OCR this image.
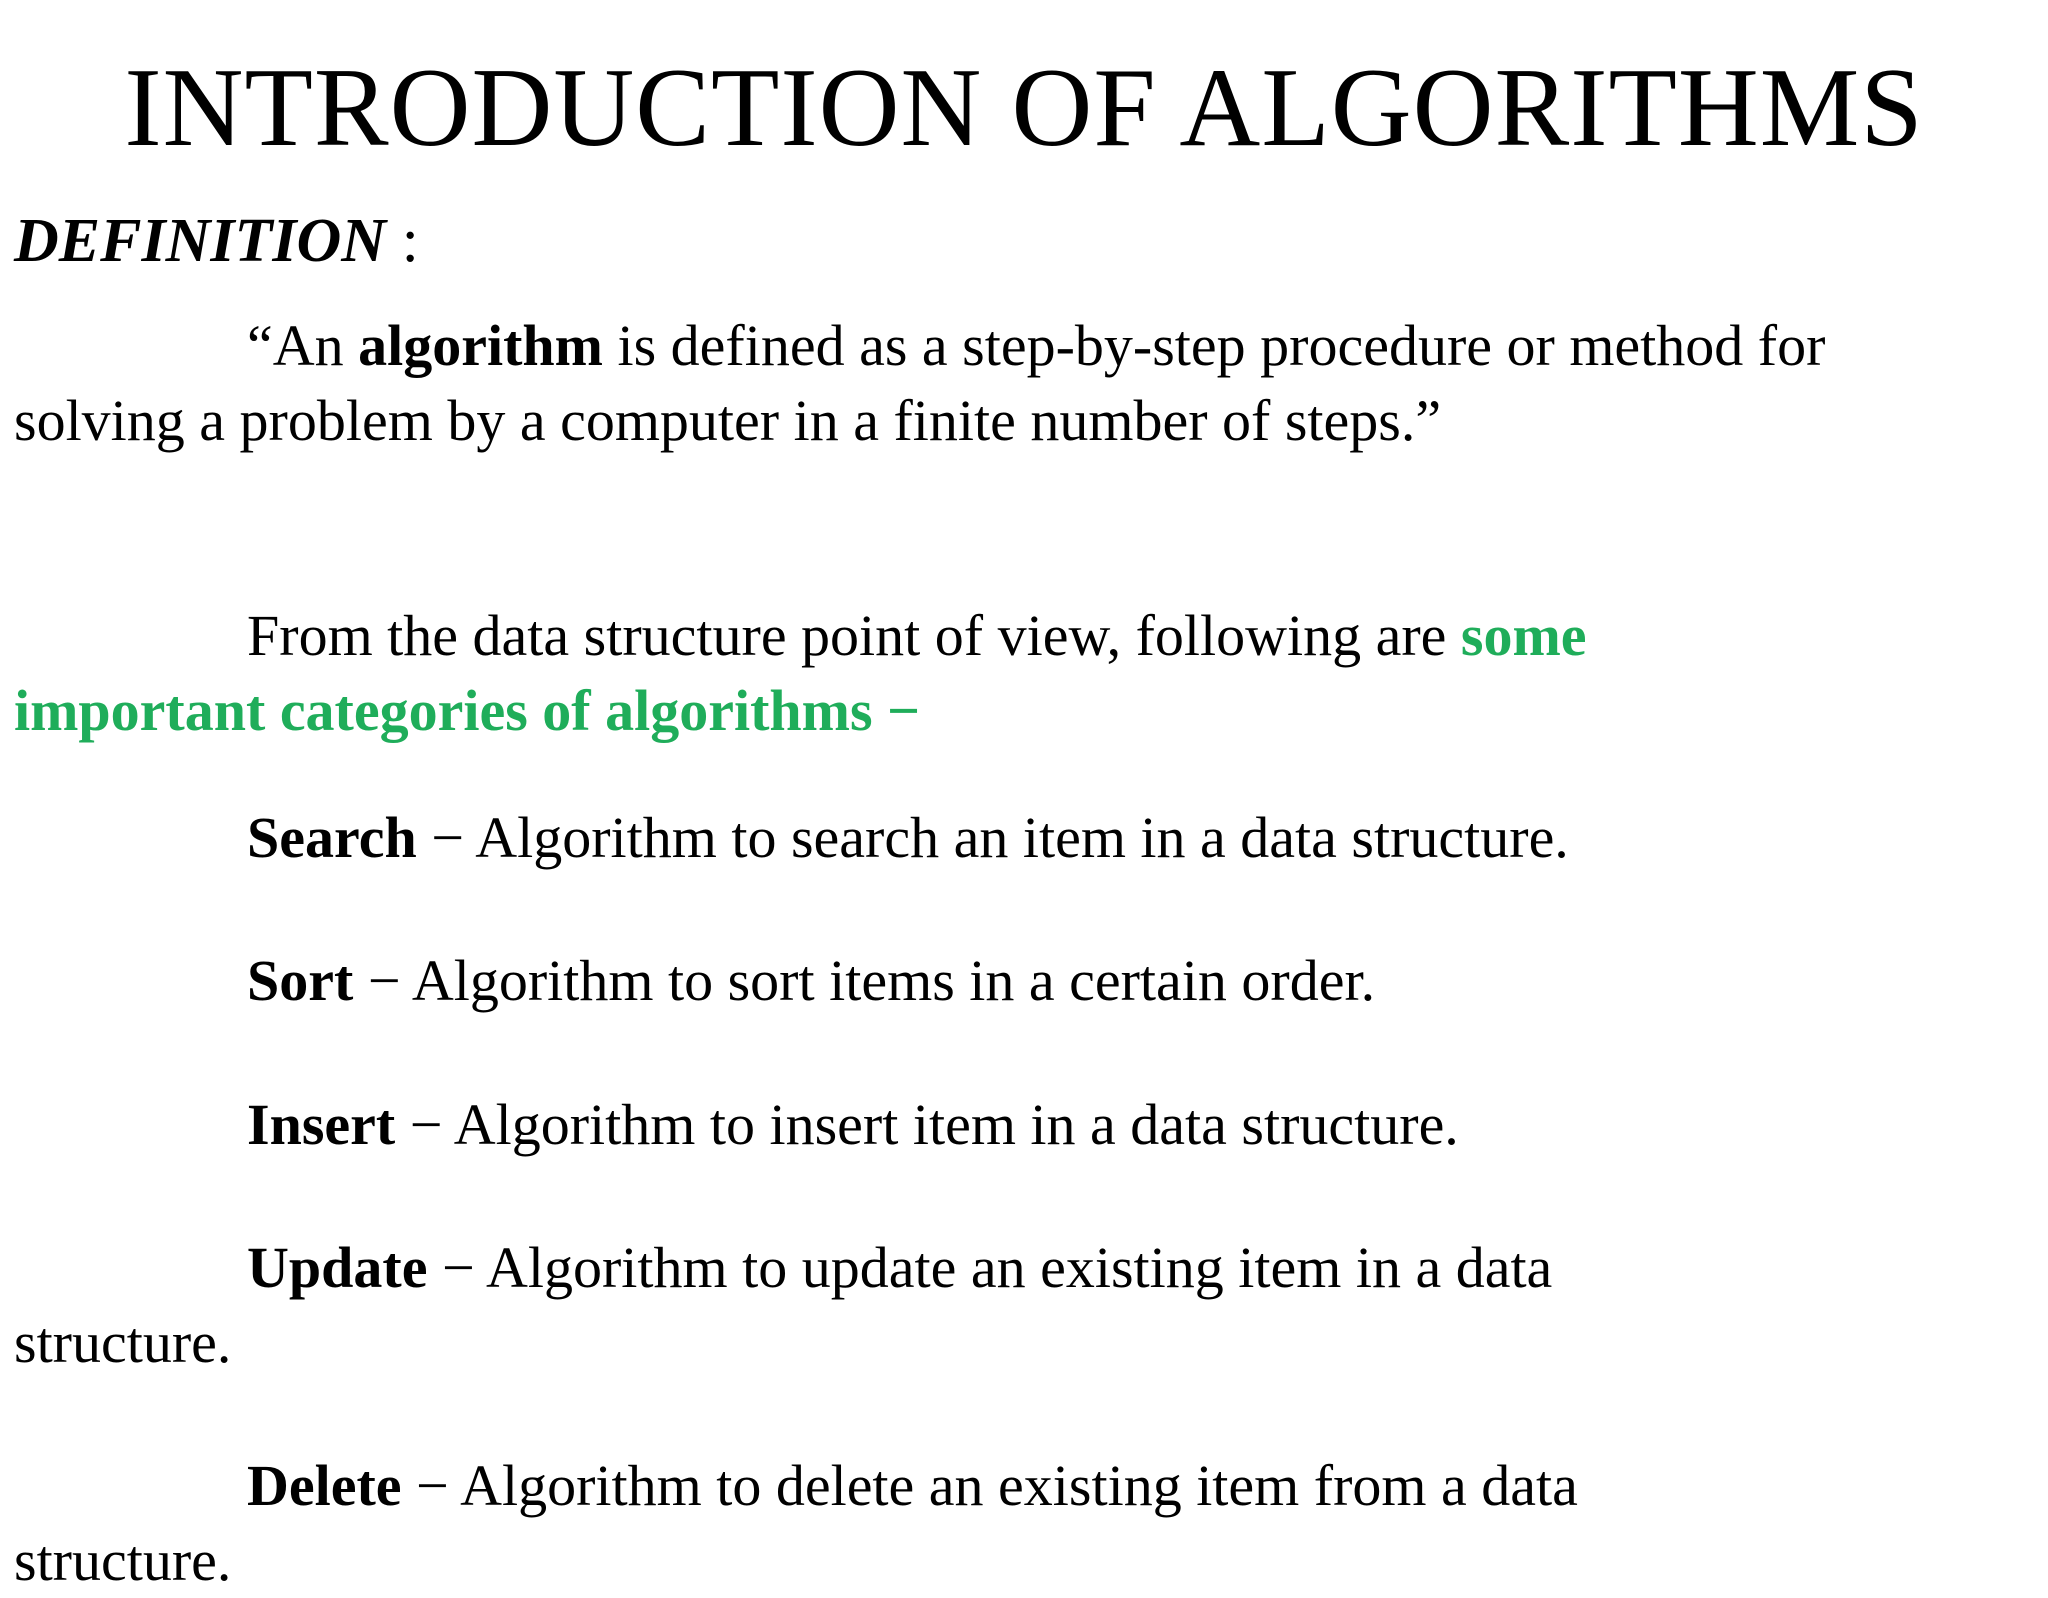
INTRODUCTION OF ALGORITHMS
DEFINITION :

“An algorithm is defined as a step-by-step procedure or method for
solving a problem by a computer in a finite number of steps.”

From the data structure point of view, following are some
important categories of algorithms −

Search − Algorithm to search an item in a data structure.

Sort − Algorithm to sort items in a certain order.

Insert − Algorithm to insert item in a data structure.

Update − Algorithm to update an existing item in a data
structure.

Delete − Algorithm to delete an existing item from a data
structure.
